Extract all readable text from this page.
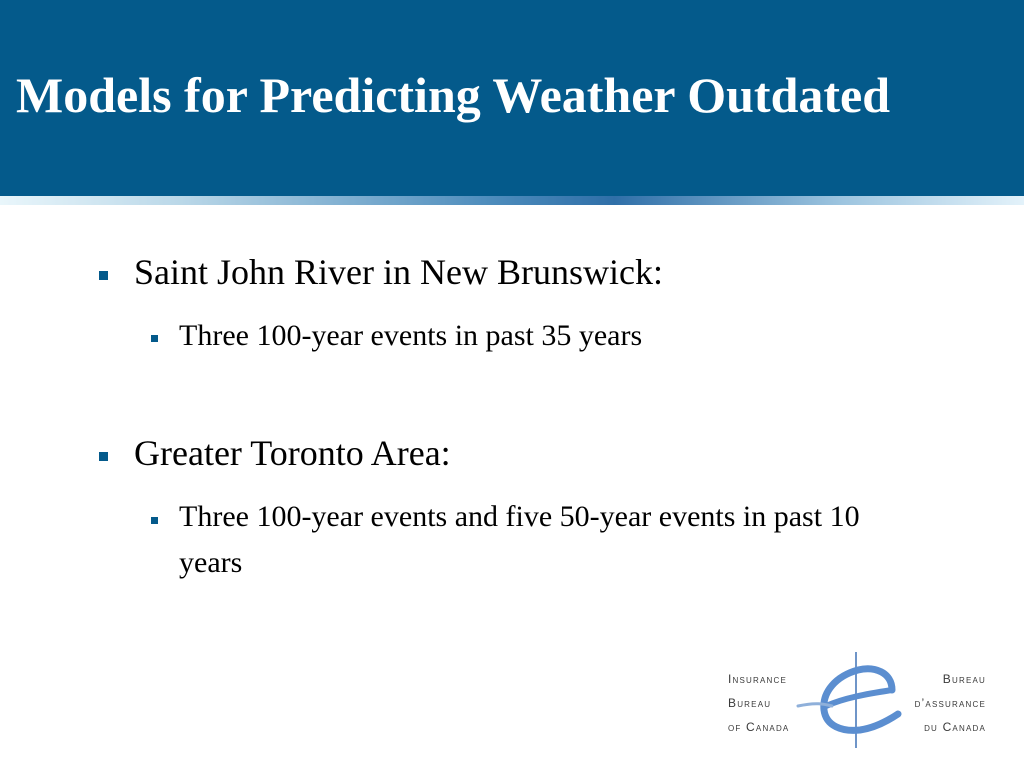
Models for Predicting Weather Outdated
Saint John River in New Brunswick:
Three 100-year events in past 35 years
Greater Toronto Area:
Three 100-year events and five 50-year events in past 10 years
Insurance
Bureau
of Canada
Bureau
d’assurance
du Canada
